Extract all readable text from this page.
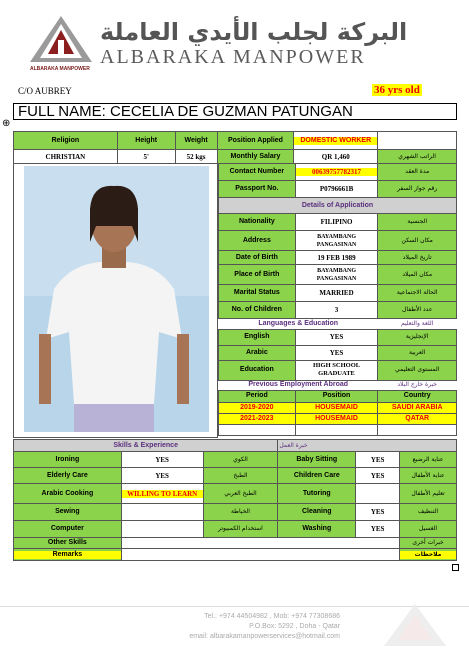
ALBARAKA MANPOWER
البركة لجلب الأيدي العاملة
ALBARAKA MANPOWER
C/O AUBREY	36 yrs old
FULL NAME: CECELIA DE GUZMAN PATUNGAN
⊕
Religion	Height	Weight	Position Applied	DOMESTIC WORKER	

CHRISTIAN	5'	52 kgs	Monthly Salary	QR 1,460	الراتب الشهري
Contact Number	00639757782317	مدة العقد
Passport No.	P0796661B	رقم جواز السفر
Details of Application		
Nationality	FILIPINO	الجنسية
Address	BAYAMBANG PANGASINAN	مكان السكن
Date of Birth	19 FEB 1989	تاريخ الميلاد
Place of Birth	BAYAMBANG PANGASINAN	مكان الميلاد
Marital Status	MARRIED	الحالة الاجتماعية
No. of Children	3	عدد الأطفال
Languages & Education		اللغة والتعليم
English	YES	الإنجليزية
Arabic	YES	العربية
Education	HIGH SCHOOL GRADUATE	المستوى التعليمي
Previous Employment Abroad		خبرة خارج البلاد
Period	Position	Country
2019-2020	HOUSEMAID	SAUDI ARABIA
2021-2023	HOUSEMAID	QATAR

Skills & Experience			خبرة العمل		
Ironing	YES	الكوي	Baby Sitting	YES	عناية الرضيع
Elderly Care	YES	الطبخ	Children Care	YES	عناية الأطفال
Arabic Cooking	WILLING TO LEARN	الطبخ العربي	Tutoring		تعليم الأطفال
Sewing		الخياطة	Cleaning	YES	التنظيف
Computer		استخدام الكمبيوتر	Washing	YES	الغسيل
Other Skills					خبرات أخرى

Remarks					ملاحظات
Tel.: +974 44504982 , Mob: +974 77308686
P.O.Box: 5292 , Doha - Qatar
email: albarakamanpowerservices@hotmail.com
